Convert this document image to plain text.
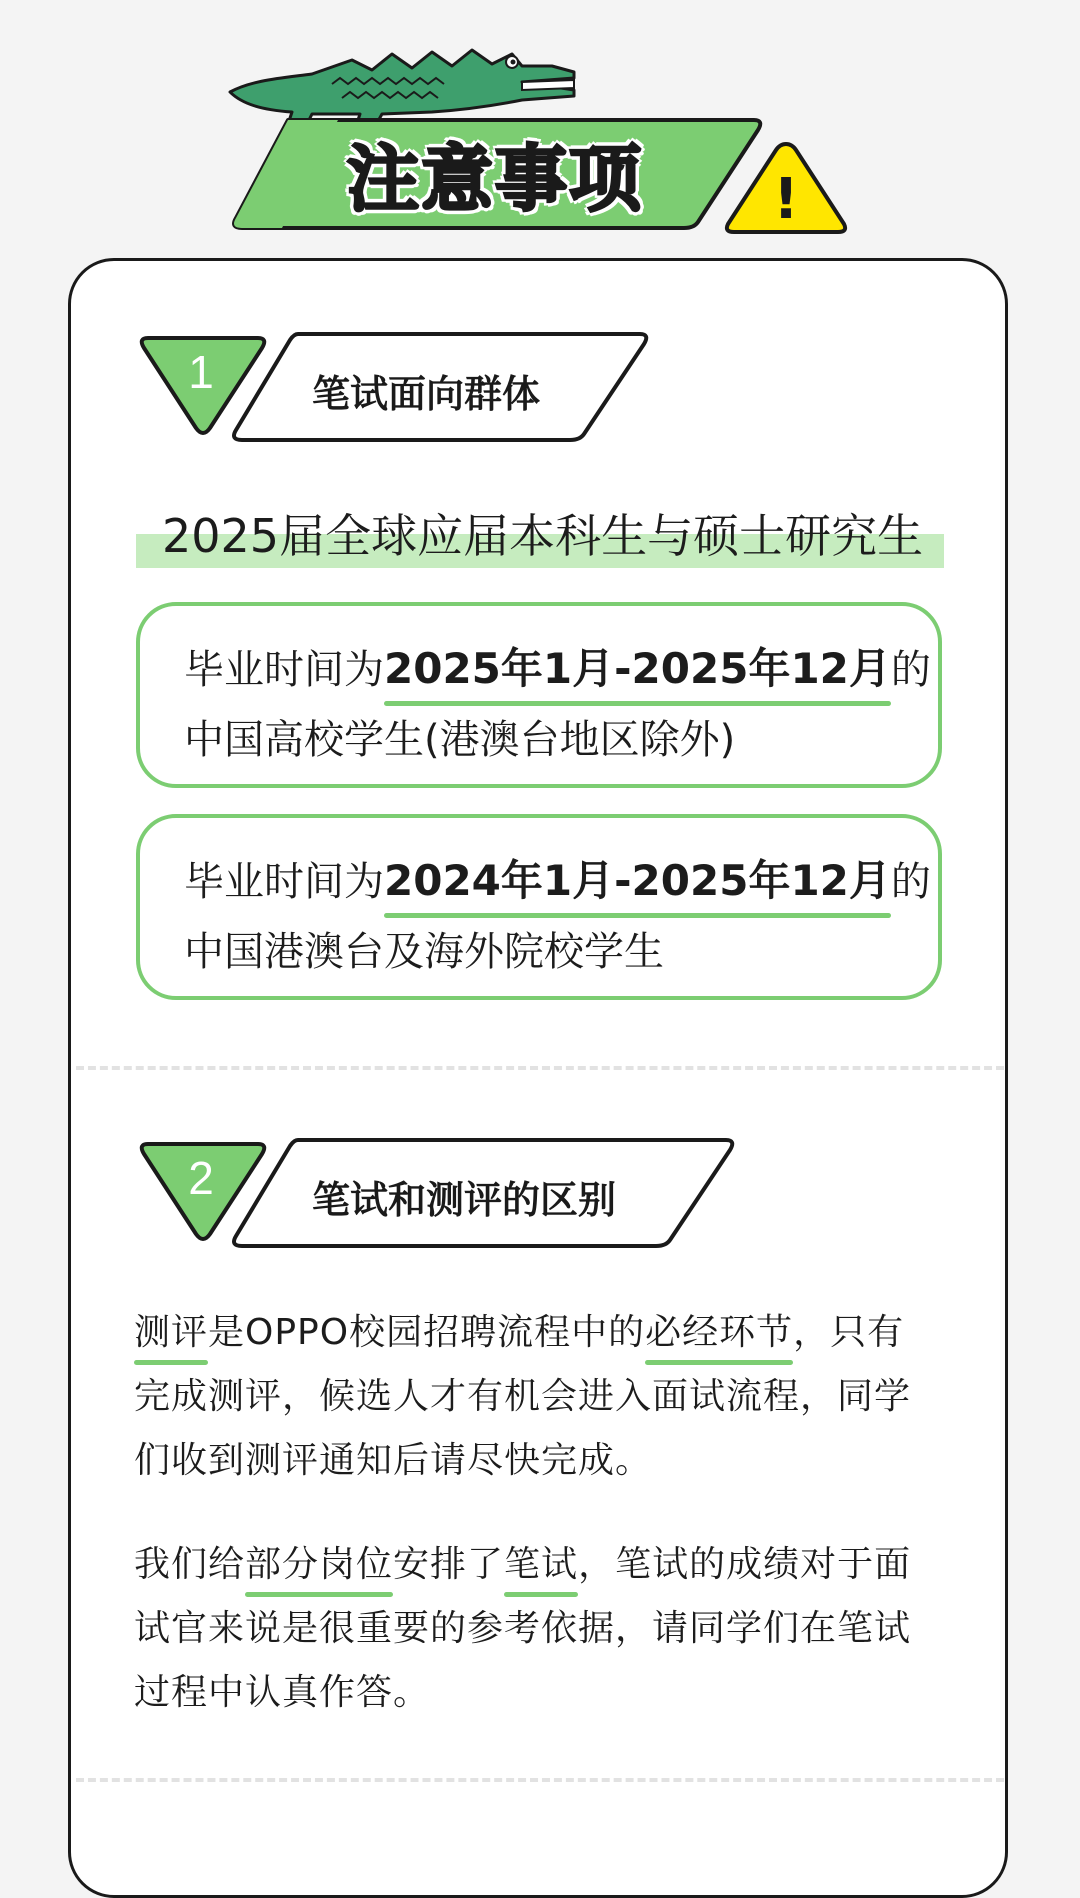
注意事项	!
1	笔试面向群体
2025届全球应届本科生与硕士研究生
毕业时间为2025年1月-2025年12月的
中国高校学生(港澳台地区除外)
毕业时间为2024年1月-2025年12月的
中国港澳台及海外院校学生
2	笔试和测评的区别
测评是OPPO校园招聘流程中的必经环节，只有
完成测评，候选人才有机会进入面试流程，同学
们收到测评通知后请尽快完成。
我们给部分岗位安排了笔试，笔试的成绩对于面
试官来说是很重要的参考依据，请同学们在笔试
过程中认真作答。
